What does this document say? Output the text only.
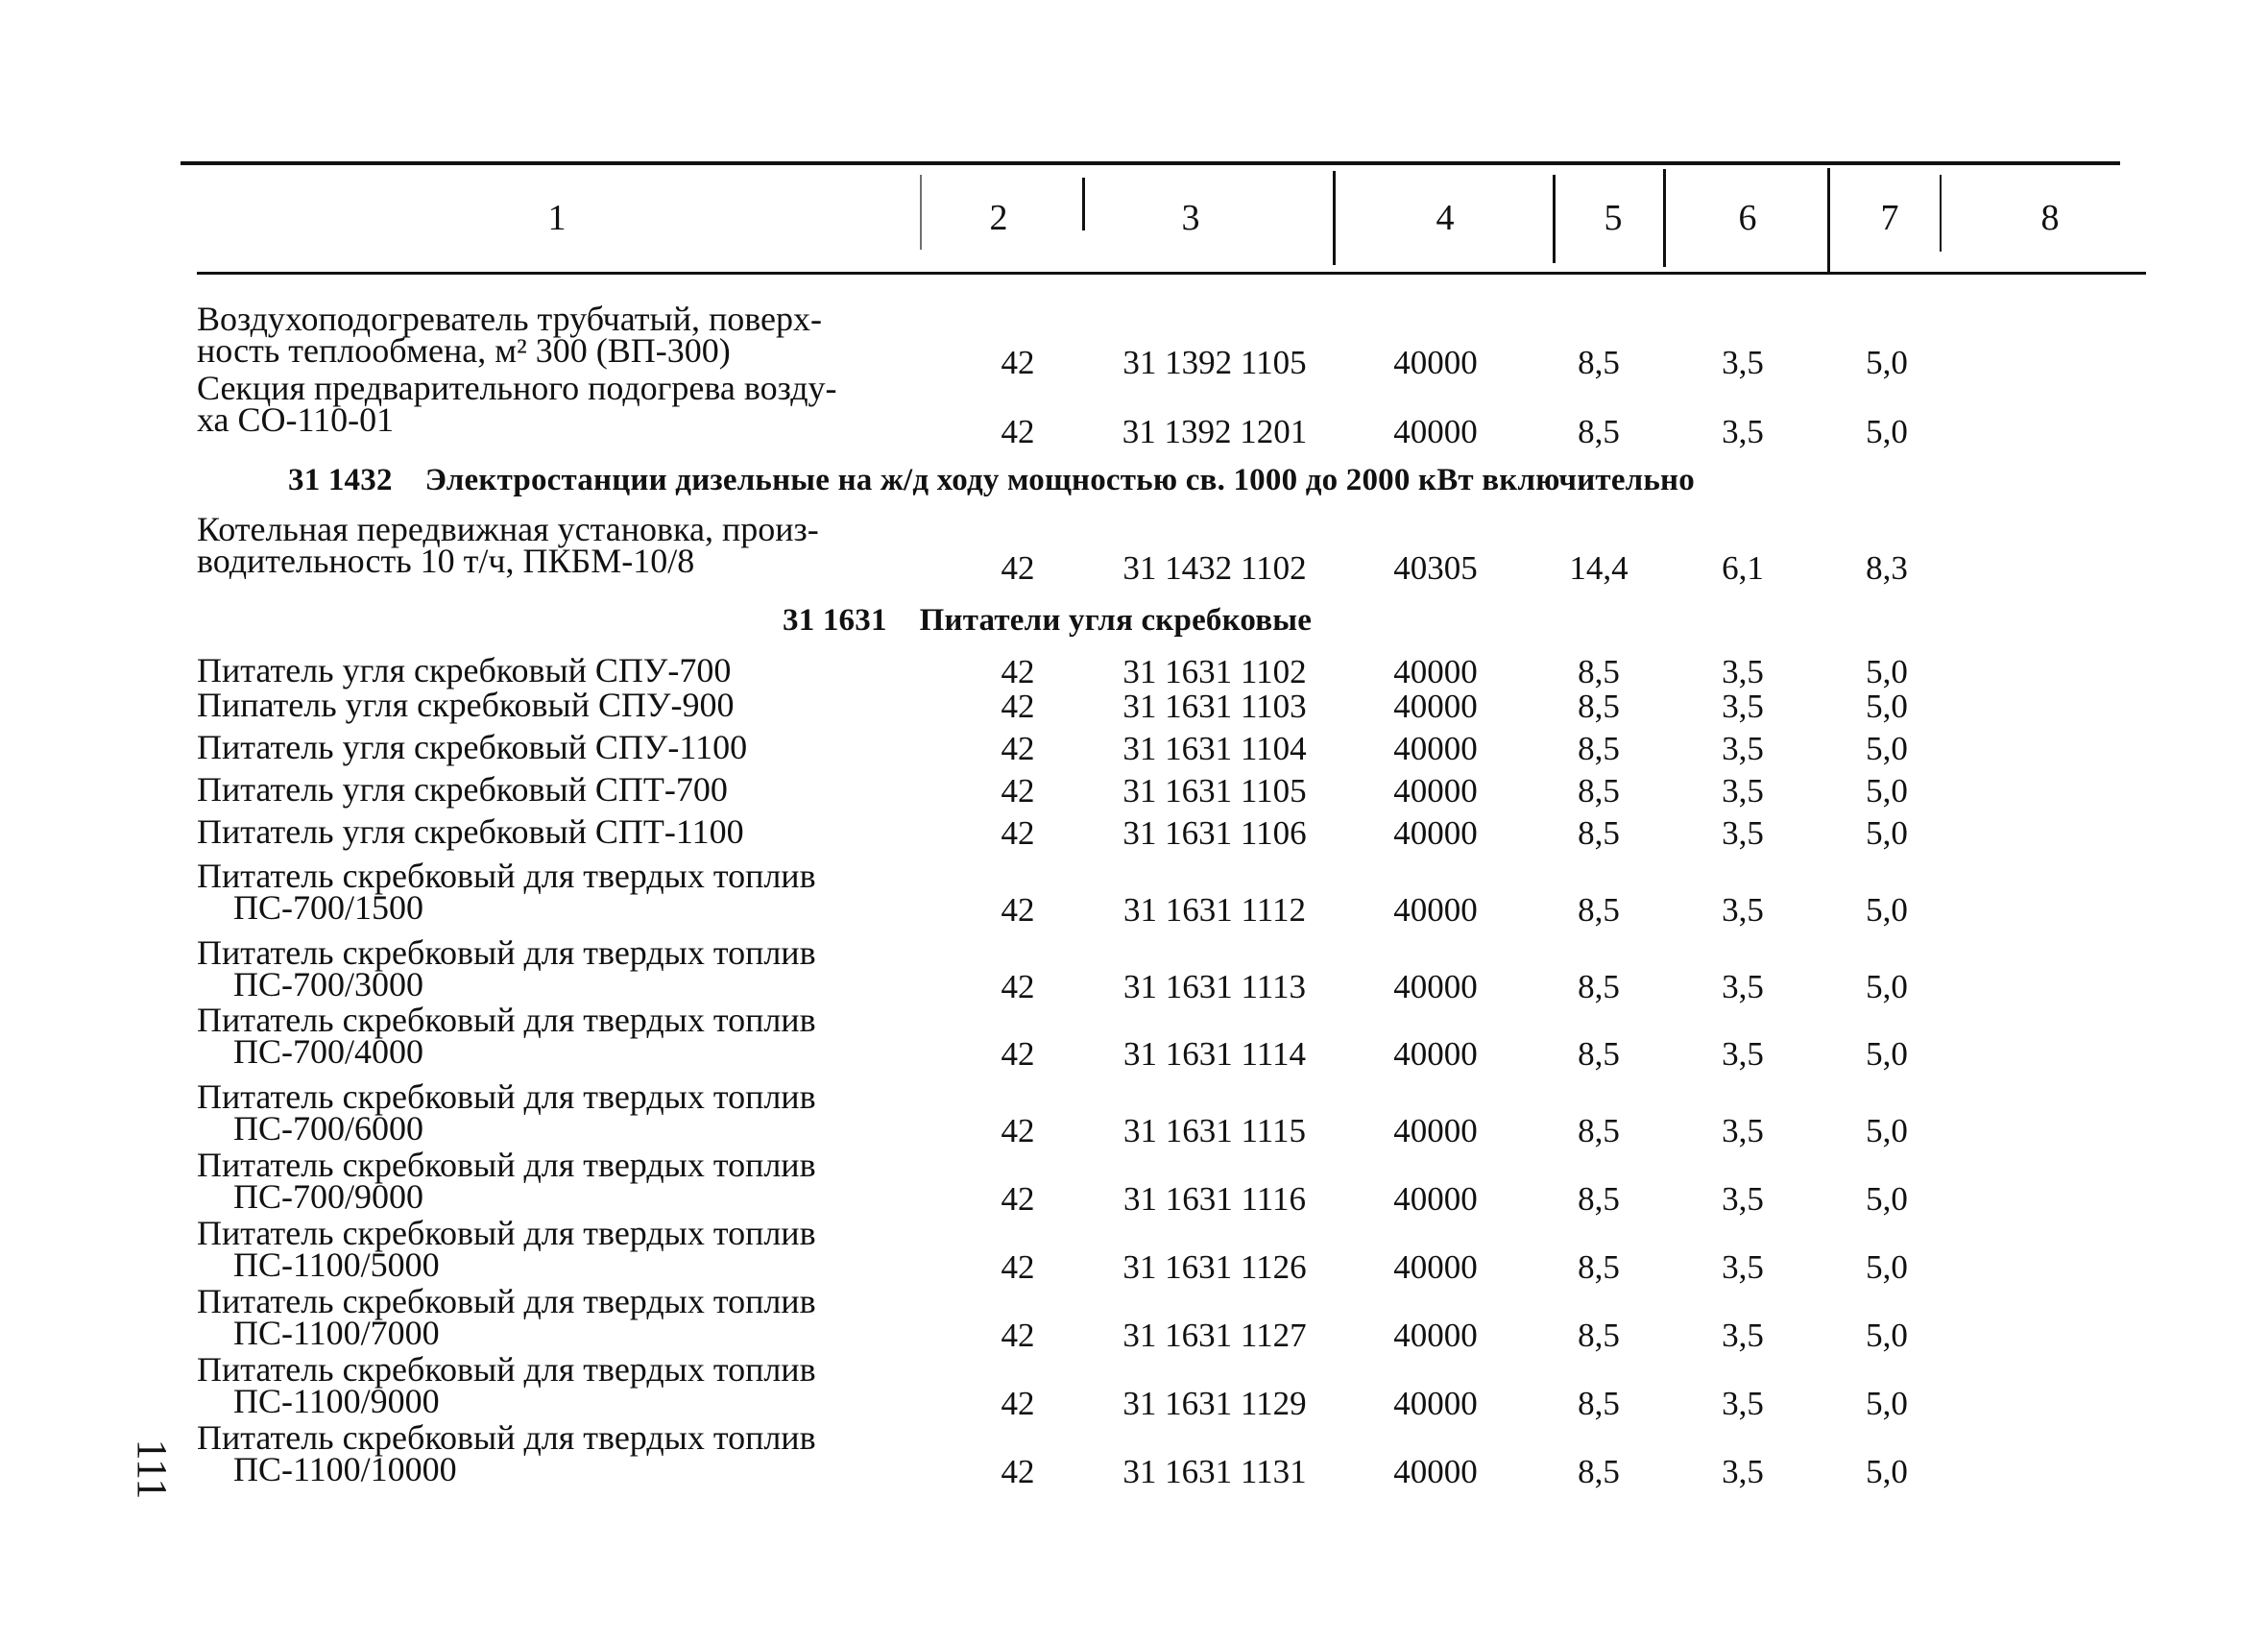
1	2	3	4	5	6	7	8
Воздухоподогреватель трубчатый, поверх-
ность теплообмена, м² 300 (ВП-300)	42	31 1392 1105	40000	8,5	3,5	5,0
Секция предварительного подогрева возду-
ха СО-110-01	42	31 1392 1201	40000	8,5	3,5	5,0
31 1432 Электростанции дизельные на ж/д ходу мощностью св. 1000 до 2000 кВт включительно
Котельная передвижная установка, произ-
водительность 10 т/ч, ПКБМ-10/8	42	31 1432 1102	40305	14,4	6,1	8,3
31 1631 Питатели угля скребковые
Питатель угля скребковый СПУ-700	42	31 1631 1102	40000	8,5	3,5	5,0
Пипатель угля скребковый СПУ-900	42	31 1631 1103	40000	8,5	3,5	5,0
Питатель угля скребковый СПУ-1100	42	31 1631 1104	40000	8,5	3,5	5,0
Питатель угля скребковый СПТ-700	42	31 1631 1105	40000	8,5	3,5	5,0
Питатель угля скребковый СПТ-1100	42	31 1631 1106	40000	8,5	3,5	5,0
Питатель скребковый для твердых топлив
ПС-700/1500	42	31 1631 1112	40000	8,5	3,5	5,0
Питатель скребковый для твердых топлив
ПС-700/3000	42	31 1631 1113	40000	8,5	3,5	5,0
Питатель скребковый для твердых топлив
ПС-700/4000	42	31 1631 1114	40000	8,5	3,5	5,0
Питатель скребковый для твердых топлив
ПС-700/6000	42	31 1631 1115	40000	8,5	3,5	5,0
Питатель скребковый для твердых топлив
ПС-700/9000	42	31 1631 1116	40000	8,5	3,5	5,0
Питатель скребковый для твердых топлив
ПС-1100/5000	42	31 1631 1126	40000	8,5	3,5	5,0
Питатель скребковый для твердых топлив
ПС-1100/7000	42	31 1631 1127	40000	8,5	3,5	5,0
Питатель скребковый для твердых топлив
ПС-1100/9000	42	31 1631 1129	40000	8,5	3,5	5,0
Питатель скребковый для твердых топлив
ПС-1100/10000	42	31 1631 1131	40000	8,5	3,5	5,0
111
